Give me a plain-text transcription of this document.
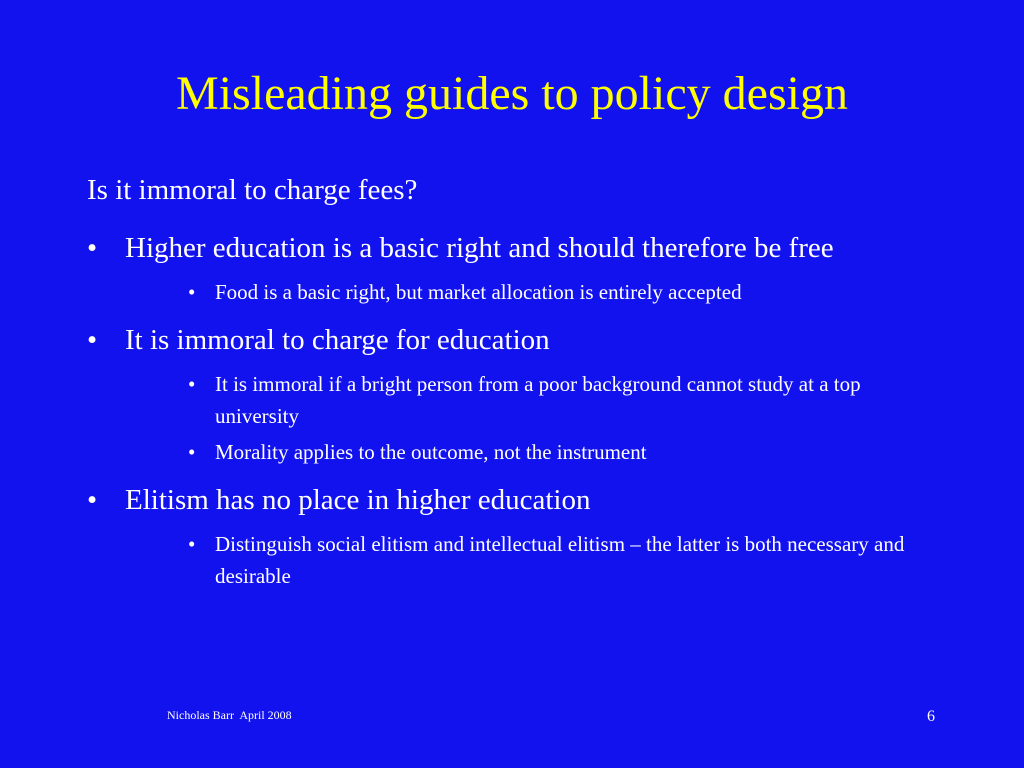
Misleading guides to policy design
Is it immoral to charge fees?
• Higher education is a basic right and should therefore be free
• Food is a basic right, but market allocation is entirely accepted
• It is immoral to charge for education
• It is immoral if a bright person from a poor background cannot study at a top university
• Morality applies to the outcome, not the instrument
• Elitism has no place in higher education
• Distinguish social elitism and intellectual elitism – the latter is both necessary and desirable
Nicholas Barr  April 2008	6
